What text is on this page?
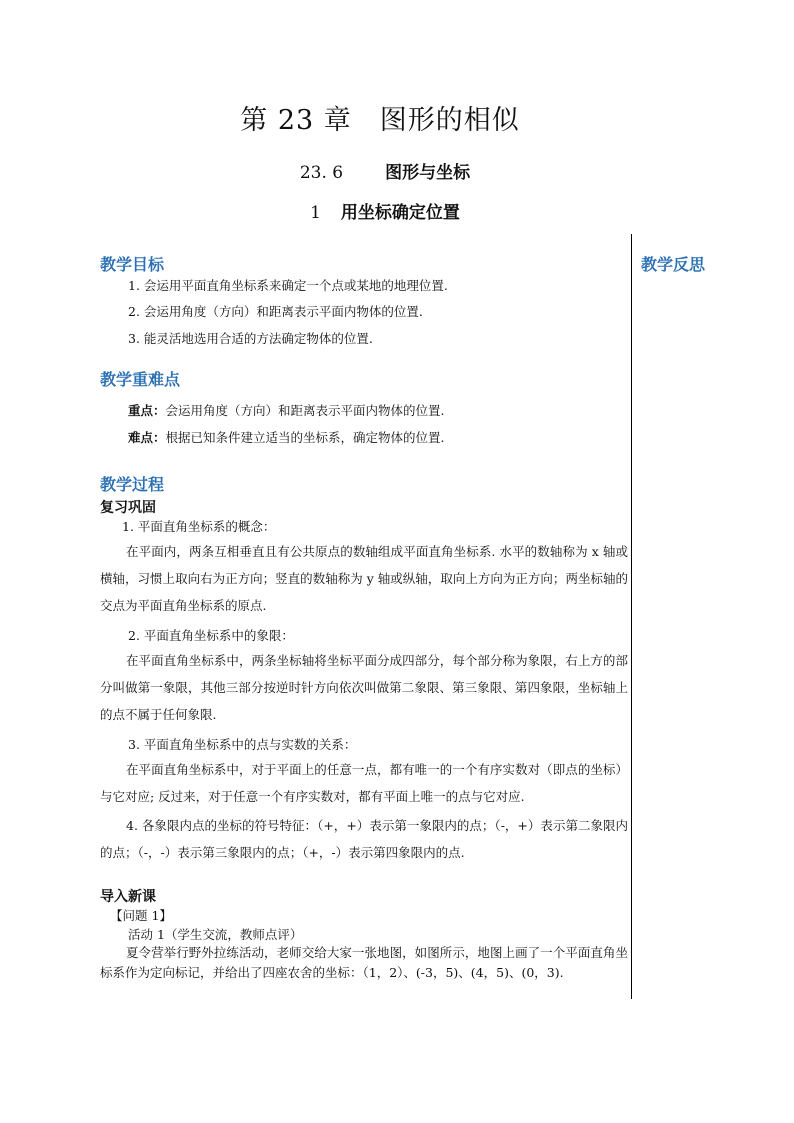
第 23 章　图形的相似
23. 6 图形与坐标
1 用坐标确定位置
教学反思
教学目标
1. 会运用平面直角坐标系来确定一个点或某地的地理位置.
2. 会运用角度（方向）和距离表示平面内物体的位置.
3. 能灵活地选用合适的方法确定物体的位置.
教学重难点
重点：会运用角度（方向）和距离表示平面内物体的位置.
难点：根据已知条件建立适当的坐标系，确定物体的位置.
教学过程
复习巩固
1. 平面直角坐标系的概念：
在平面内，两条互相垂直且有公共原点的数轴组成平面直角坐标系. 水平的数轴称为 x 轴或横轴，习惯上取向右为正方向；竖直的数轴称为 y 轴或纵轴，取向上方向为正方向；两坐标轴的交点为平面直角坐标系的原点.
2. 平面直角坐标系中的象限：
在平面直角坐标系中，两条坐标轴将坐标平面分成四部分，每个部分称为象限，右上方的部分叫做第一象限，其他三部分按逆时针方向依次叫做第二象限、第三象限、第四象限，坐标轴上的点不属于任何象限.
3. 平面直角坐标系中的点与实数的关系：
在平面直角坐标系中，对于平面上的任意一点，都有唯一的一个有序实数对（即点的坐标）与它对应; 反过来，对于任意一个有序实数对，都有平面上唯一的点与它对应.
4. 各象限内点的坐标的符号特征：（+，+）表示第一象限内的点；（-，+）表示第二象限内的点；（-，-）表示第三象限内的点；（+，-）表示第四象限内的点.
导入新课
【问题 1】
活动 1（学生交流，教师点评）
夏令营举行野外拉练活动，老师交给大家一张地图，如图所示，地图上画了一个平面直角坐标系作为定向标记，并给出了四座农舍的坐标：（1，2）、(-3，5)、(4，5)、(0，3).
